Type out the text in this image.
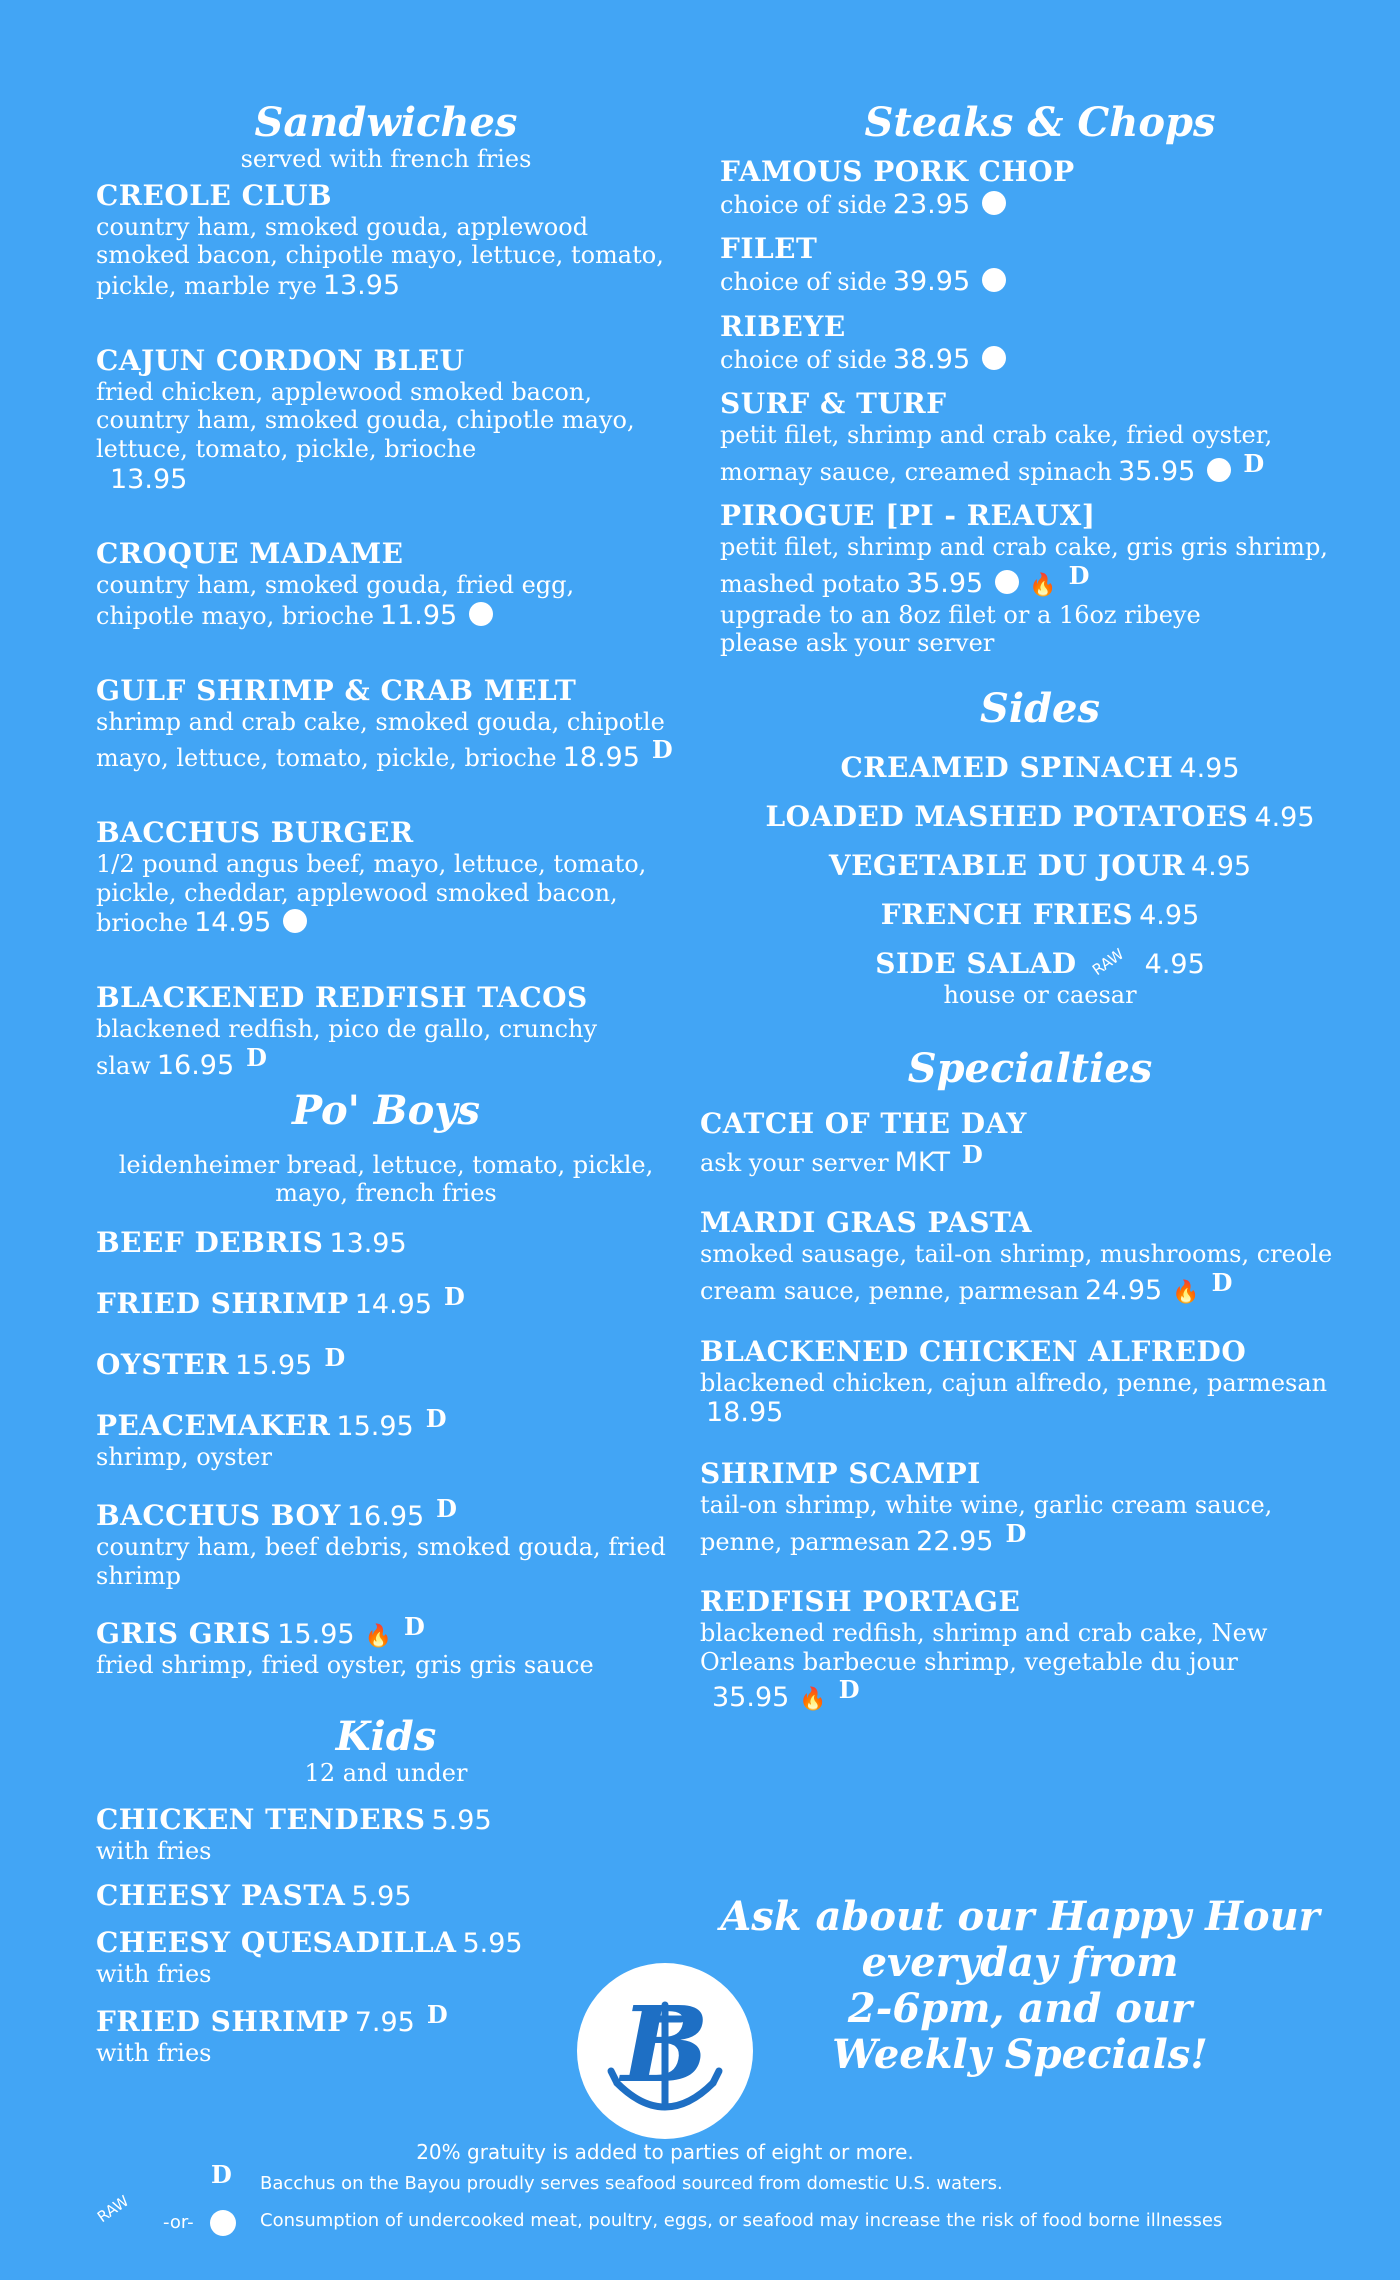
Sandwiches
served with french fries
CREOLE CLUB
country ham, smoked gouda, applewood smoked bacon, chipotle mayo, lettuce, tomato, pickle, marble rye 13.95
CAJUN CORDON BLEU
fried chicken, applewood smoked bacon, country ham, smoked gouda, chipotle mayo, lettuce, tomato, pickle, brioche
13.95
CROQUE MADAME
country ham, smoked gouda, fried egg, chipotle mayo, brioche 11.95
GULF SHRIMP & CRAB MELT
shrimp and crab cake, smoked gouda, chipotle mayo, lettuce, tomato, pickle, brioche 18.95 D
BACCHUS BURGER
1/2 pound angus beef, mayo, lettuce, tomato, pickle, cheddar, applewood smoked bacon, brioche 14.95
BLACKENED REDFISH TACOS
blackened redfish, pico de gallo, crunchy slaw 16.95 D
Po' Boys
leidenheimer bread, lettuce, tomato, pickle, mayo, french fries
BEEF DEBRIS 13.95
FRIED SHRIMP 14.95 D
OYSTER 15.95 D
PEACEMAKER 15.95 D
shrimp, oyster
BACCHUS BOY 16.95 D
country ham, beef debris, smoked gouda, fried shrimp
GRIS GRIS 15.95 🔥 D
fried shrimp, fried oyster, gris gris sauce
Kids
12 and under
CHICKEN TENDERS 5.95
with fries
CHEESY PASTA 5.95
CHEESY QUESADILLA 5.95
with fries
FRIED SHRIMP 7.95 D
with fries
Steaks & Chops
FAMOUS PORK CHOP
choice of side 23.95
FILET
choice of side 39.95
RIBEYE
choice of side 38.95
SURF & TURF
petit filet, shrimp and crab cake, fried oyster, mornay sauce, creamed spinach 35.95 D
PIROGUE [PI - REAUX]
petit filet, shrimp and crab cake, gris gris shrimp, mashed potato 35.95 🔥 D
upgrade to an 8oz filet or a 16oz ribeye
please ask your server
Sides
CREAMED SPINACH 4.95
LOADED MASHED POTATOES 4.95
VEGETABLE DU JOUR 4.95
FRENCH FRIES 4.95
SIDE SALAD RAW 4.95
house or caesar
Specialties
CATCH OF THE DAY
ask your server MKT D
MARDI GRAS PASTA
smoked sausage, tail-on shrimp, mushrooms, creole cream sauce, penne, parmesan 24.95 🔥 D
BLACKENED CHICKEN ALFREDO
blackened chicken, cajun alfredo, penne, parmesan
18.95
SHRIMP SCAMPI
tail-on shrimp, white wine, garlic cream sauce, penne, parmesan 22.95 D
REDFISH PORTAGE
blackened redfish, shrimp and crab cake, New Orleans barbecue shrimp, vegetable du jour
35.95 🔥 D
Ask about our Happy Hour
everyday from
2-6pm, and our
Weekly Specials!
B
20% gratuity is added to parties of eight or more.
D Bacchus on the Bayou proudly serves seafood sourced from domestic U.S. waters.
RAW -or-	Consumption of undercooked meat, poultry, eggs, or seafood may increase the risk of food borne illnesses
